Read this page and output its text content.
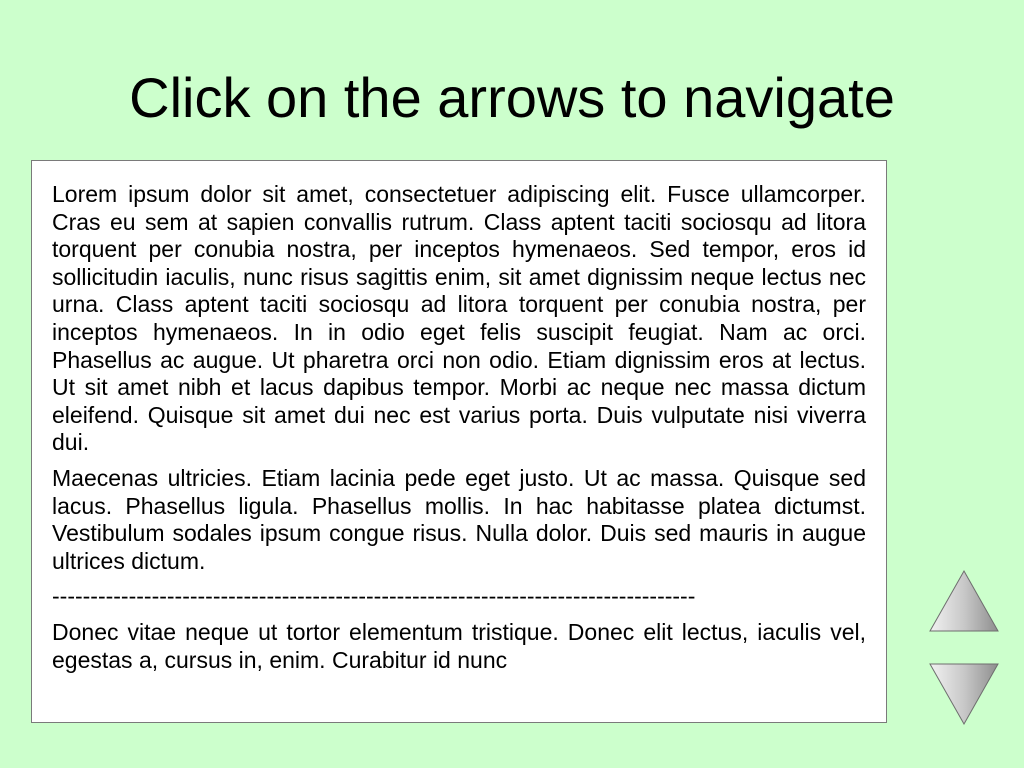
Click on the arrows to navigate

Lorem ipsum dolor sit amet, consectetuer adipiscing elit. Fusce ullamcorper. Cras eu sem at sapien convallis rutrum. Class aptent taciti sociosqu ad litora torquent per conubia nostra, per inceptos hymenaeos. Sed tempor, eros id sollicitudin iaculis, nunc risus sagittis enim, sit amet dignissim neque lectus nec urna. Class aptent taciti sociosqu ad litora torquent per conubia nostra, per inceptos hymenaeos. In in odio eget felis suscipit feugiat. Nam ac orci. Phasellus ac augue. Ut pharetra orci non odio. Etiam dignissim eros at lectus. Ut sit amet nibh et lacus dapibus tempor. Morbi ac neque nec massa dictum eleifend. Quisque sit amet dui nec est varius porta. Duis vulputate nisi viverra dui.

Maecenas ultricies. Etiam lacinia pede eget justo. Ut ac massa. Quisque sed lacus. Phasellus ligula. Phasellus mollis. In hac habitasse platea dictumst. Vestibulum sodales ipsum congue risus. Nulla dolor. Duis sed mauris in augue ultrices dictum.

------------------------------------------------------------------------------------

Donec vitae neque ut tortor elementum tristique. Donec elit lectus, iaculis vel, egestas a, cursus in, enim. Curabitur id nunc
